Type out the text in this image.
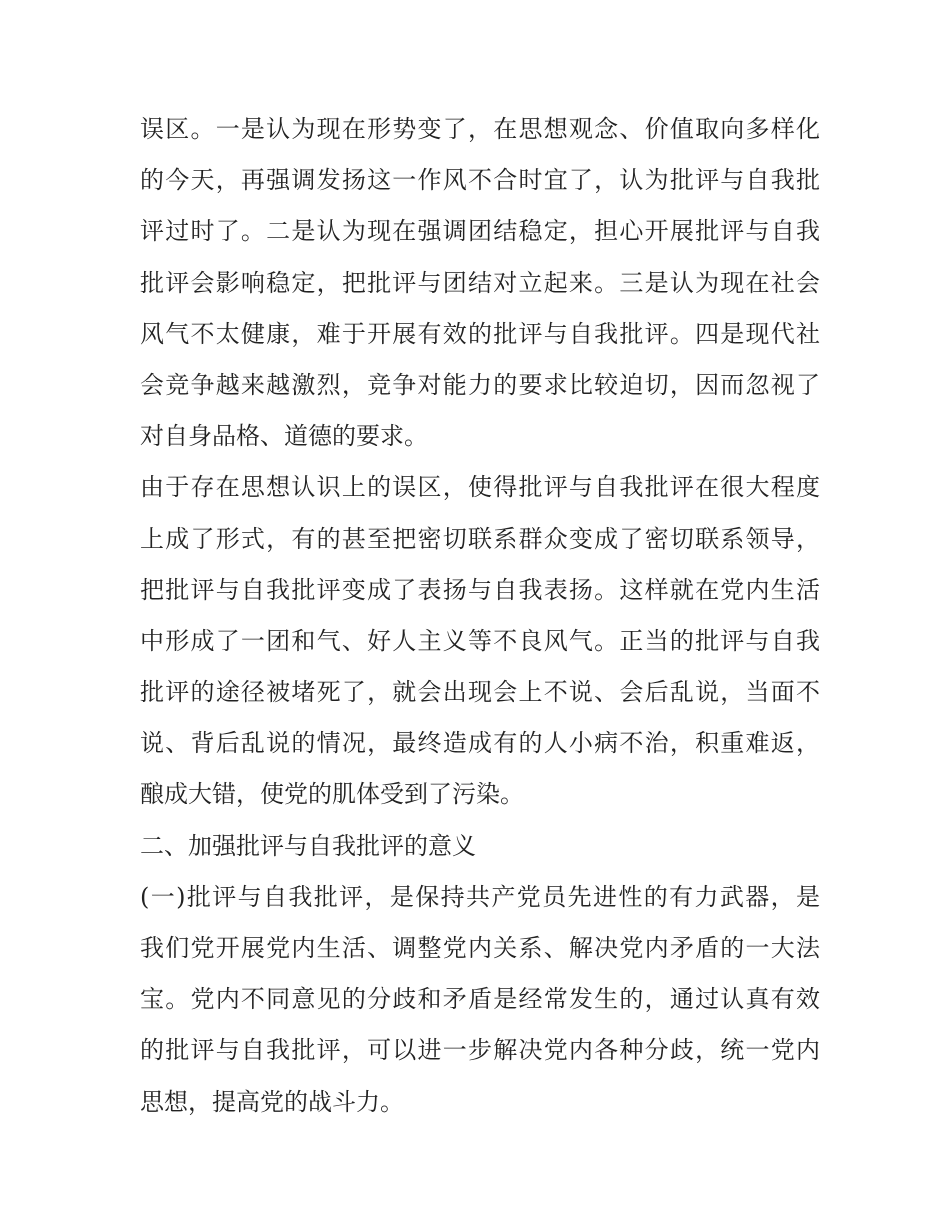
误区。一是认为现在形势变了，在思想观念、价值取向多样化
的今天，再强调发扬这一作风不合时宜了，认为批评与自我批
评过时了。二是认为现在强调团结稳定，担心开展批评与自我
批评会影响稳定，把批评与团结对立起来。三是认为现在社会
风气不太健康，难于开展有效的批评与自我批评。四是现代社
会竞争越来越激烈，竞争对能力的要求比较迫切，因而忽视了
对自身品格、道德的要求。
由于存在思想认识上的误区，使得批评与自我批评在很大程度
上成了形式，有的甚至把密切联系群众变成了密切联系领导，
把批评与自我批评变成了表扬与自我表扬。这样就在党内生活
中形成了一团和气、好人主义等不良风气。正当的批评与自我
批评的途径被堵死了，就会出现会上不说、会后乱说，当面不
说、背后乱说的情况，最终造成有的人小病不治，积重难返，
酿成大错，使党的肌体受到了污染。
二、加强批评与自我批评的意义
(一)批评与自我批评，是保持共产党员先进性的有力武器，是
我们党开展党内生活、调整党内关系、解决党内矛盾的一大法
宝。党内不同意见的分歧和矛盾是经常发生的，通过认真有效
的批评与自我批评，可以进一步解决党内各种分歧，统一党内
思想，提高党的战斗力。
